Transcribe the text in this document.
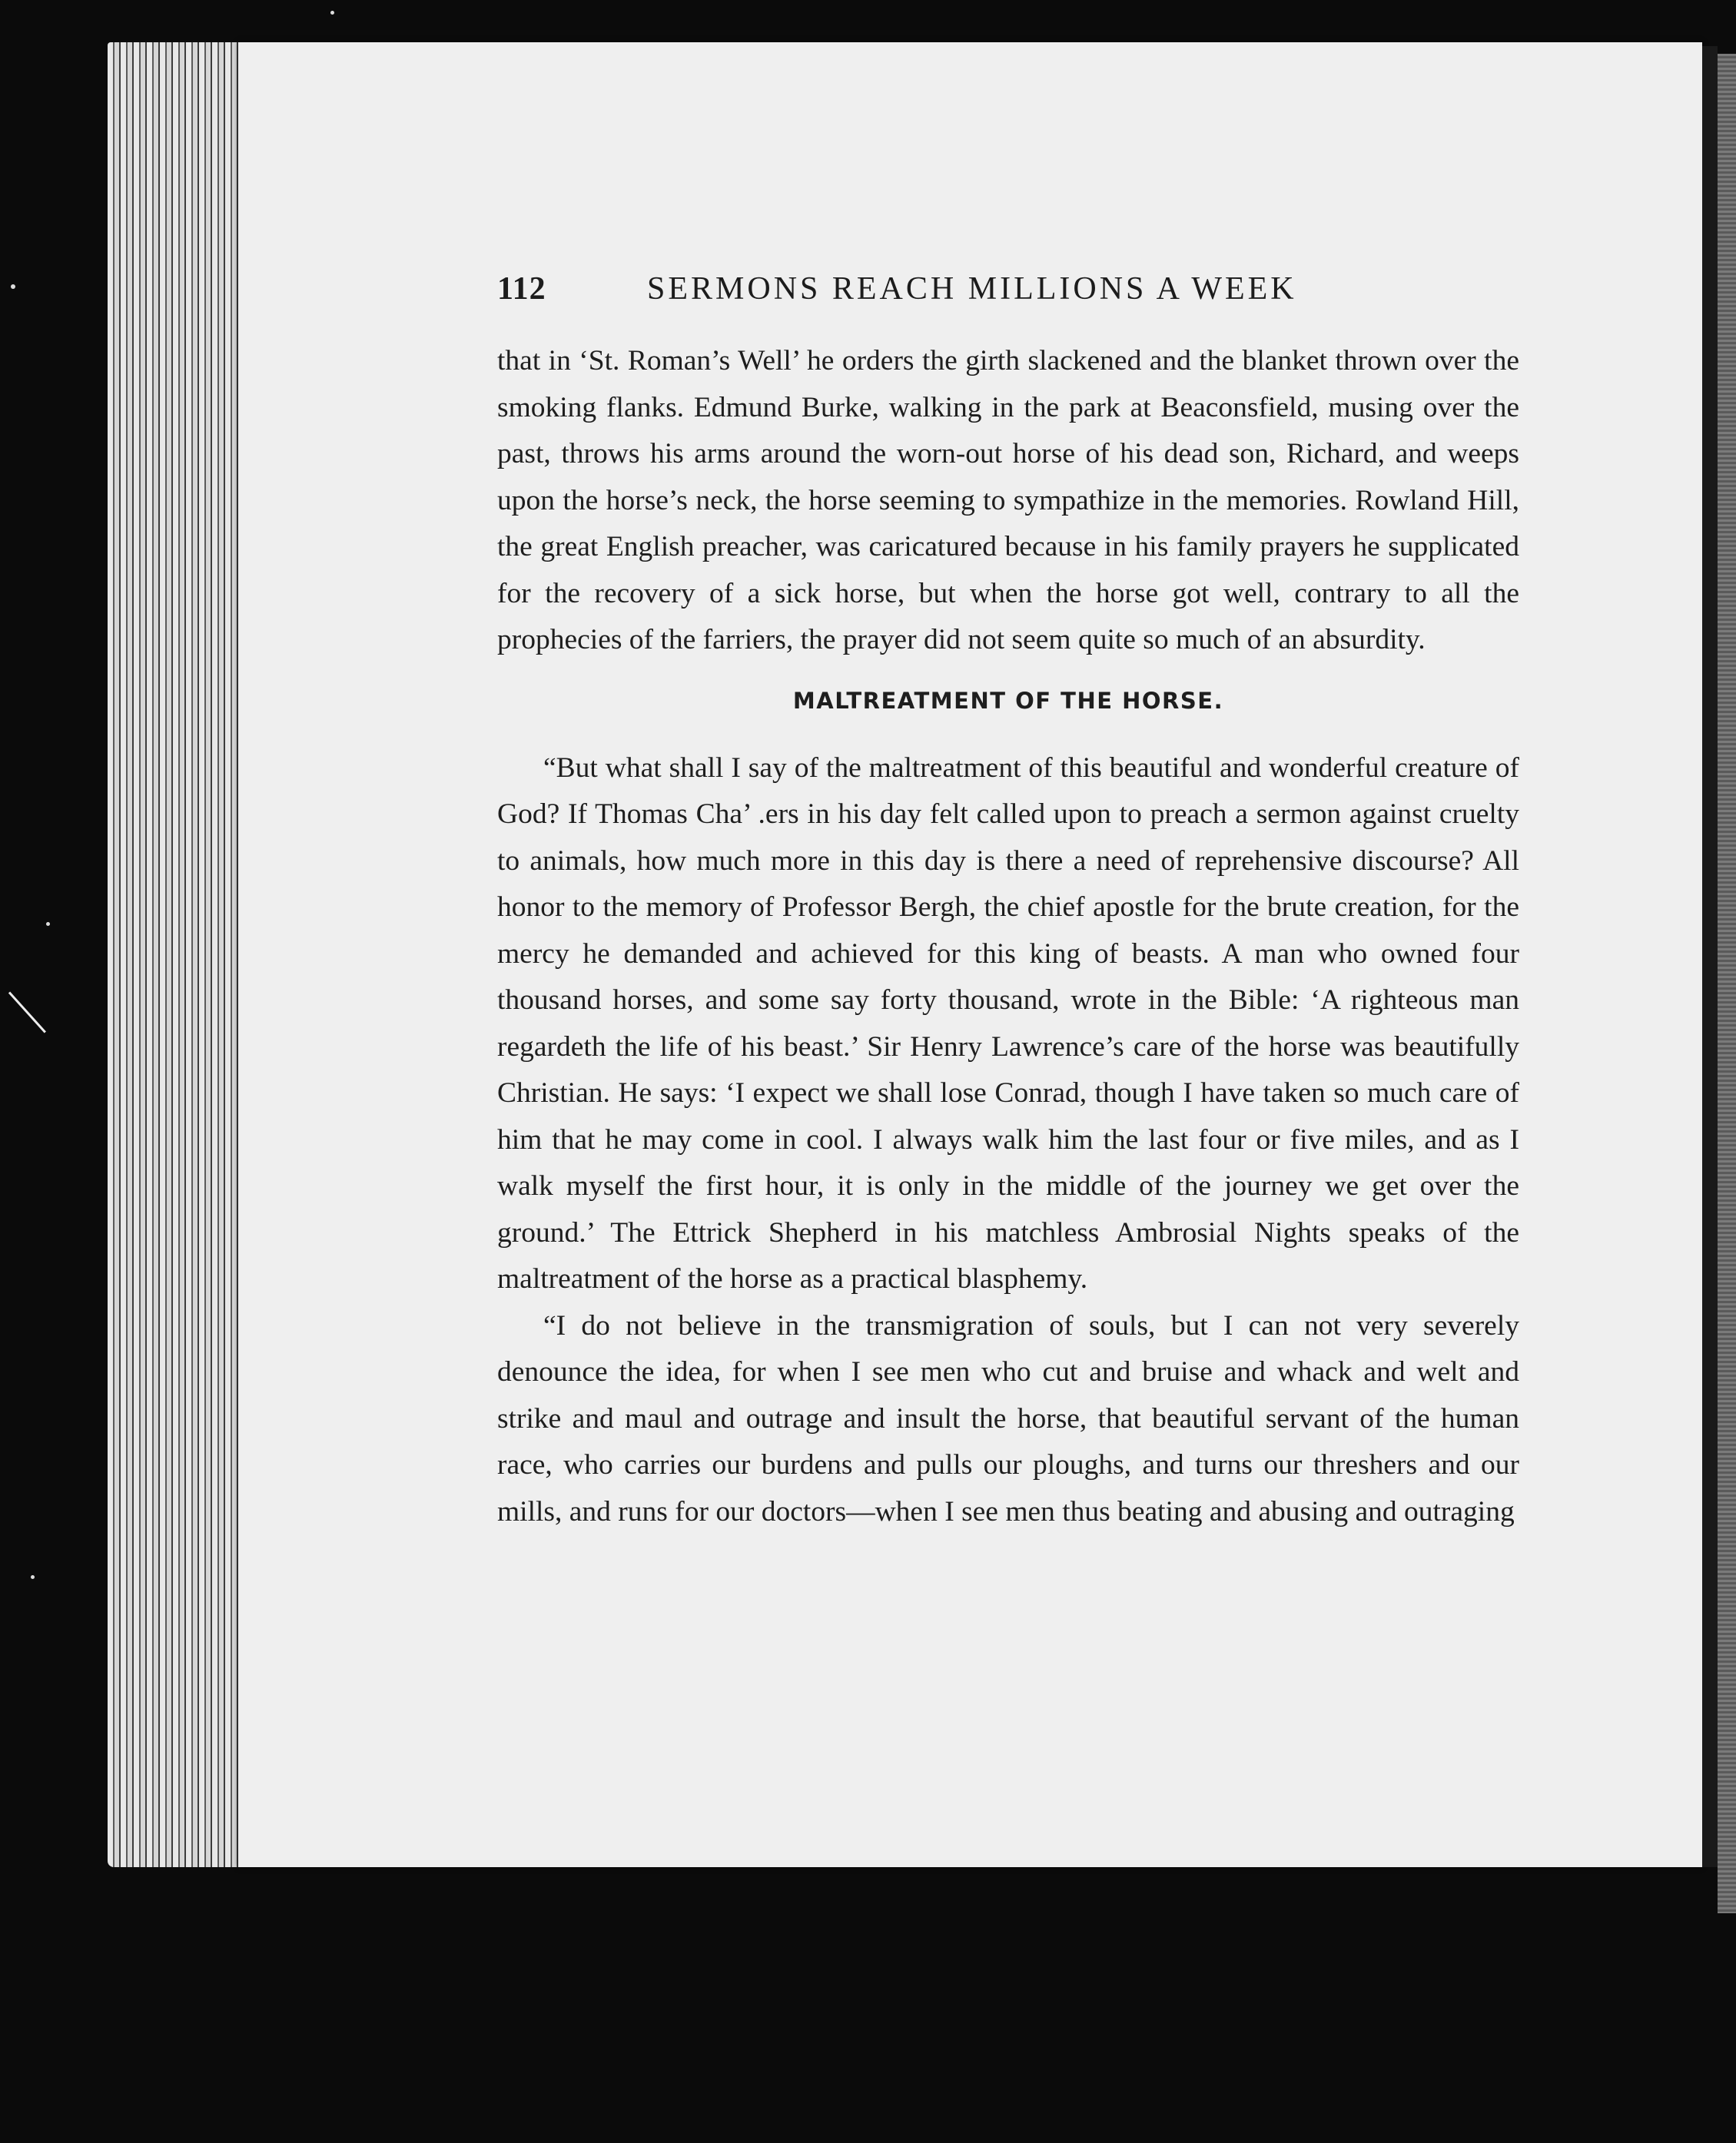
112	SERMONS REACH MILLIONS A WEEK

that in ‘St. Roman’s Well’ he orders the girth slackened and the blanket thrown over the smoking flanks. Edmund Burke, walking in the park at Beaconsfield, musing over the past, throws his arms around the worn-out horse of his dead son, Richard, and weeps upon the horse’s neck, the horse seeming to sympathize in the memories. Rowland Hill, the great English preacher, was caricatured because in his family prayers he supplicated for the recovery of a sick horse, but when the horse got well, contrary to all the prophecies of the farriers, the prayer did not seem quite so much of an absurdity.

MALTREATMENT OF THE HORSE.

“But what shall I say of the maltreatment of this beautiful and wonderful creature of God? If Thomas Cha’ .ers in his day felt called upon to preach a sermon against cruelty to animals, how much more in this day is there a need of reprehensive discourse? All honor to the memory of Professor Bergh, the chief apostle for the brute creation, for the mercy he demanded and achieved for this king of beasts. A man who owned four thousand horses, and some say forty thousand, wrote in the Bible: ‘A righteous man regardeth the life of his beast.’ Sir Henry Lawrence’s care of the horse was beautifully Christian. He says: ‘I expect we shall lose Conrad, though I have taken so much care of him that he may come in cool. I always walk him the last four or five miles, and as I walk myself the first hour, it is only in the middle of the journey we get over the ground.’ The Ettrick Shepherd in his matchless Ambrosial Nights speaks of the maltreatment of the horse as a practical blasphemy.

“I do not believe in the transmigration of souls, but I can not very severely denounce the idea, for when I see men who cut and bruise and whack and welt and strike and maul and outrage and insult the horse, that beautiful servant of the human race, who carries our burdens and pulls our ploughs, and turns our threshers and our mills, and runs for our doctors—when I see men thus beating and abusing and outraging
